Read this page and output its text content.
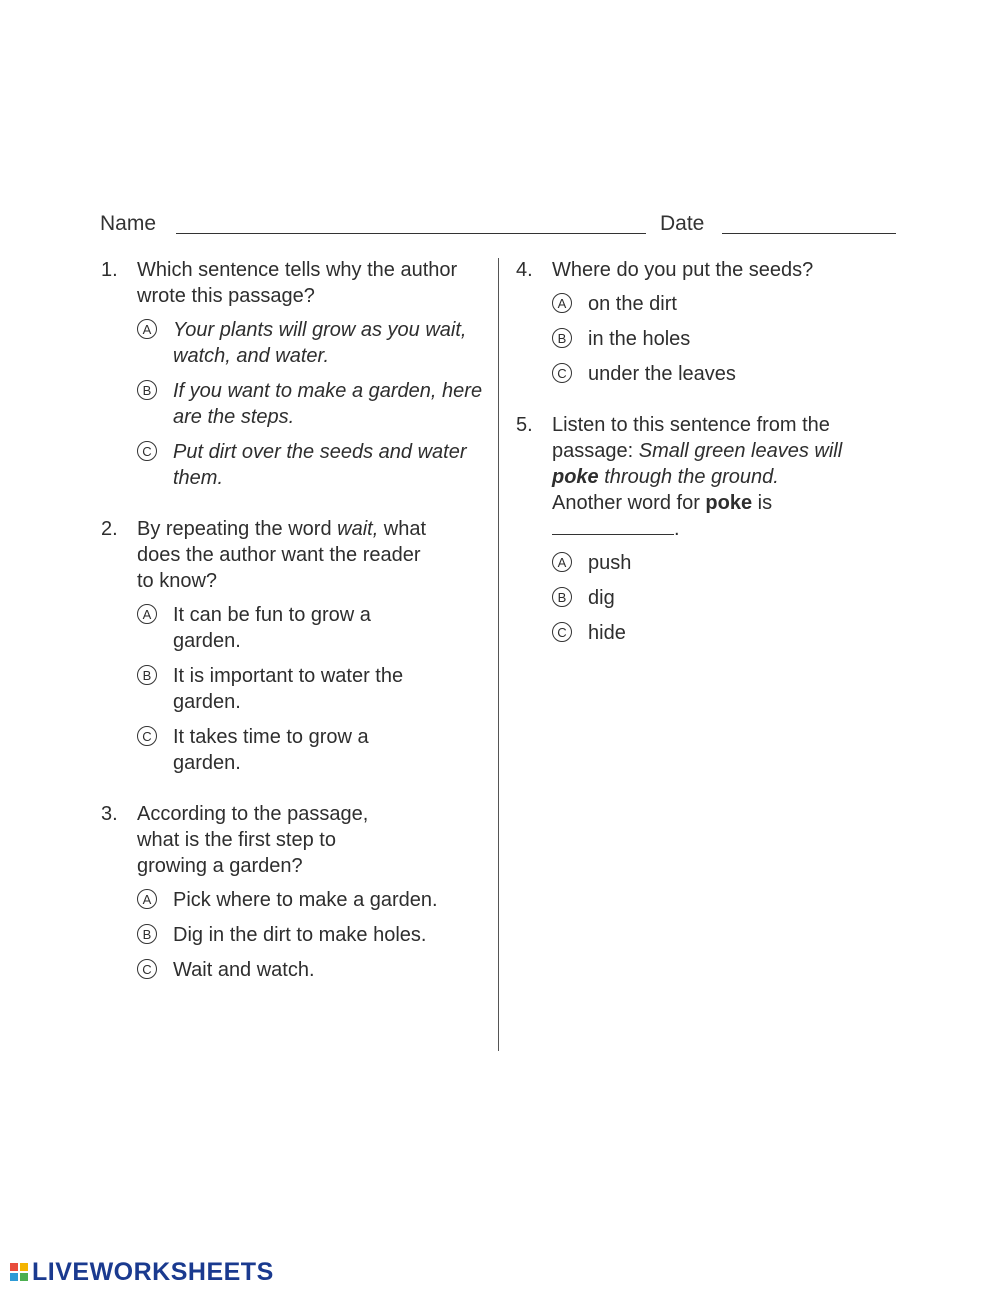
Name	Date
1. Which sentence tells why the author wrote this passage?
A Your plants will grow as you wait, watch, and water.
B If you want to make a garden, here are the steps.
C Put dirt over the seeds and water them.
2. By repeating the word wait, what does the author want the reader to know?
A It can be fun to grow a garden.
B It is important to water the garden.
C It takes time to grow a garden.
3. According to the passage, what is the first step to growing a garden?
A Pick where to make a garden.
B Dig in the dirt to make holes.
C Wait and watch.
4. Where do you put the seeds?
A on the dirt
B in the holes
C under the leaves
5. Listen to this sentence from the passage: Small green leaves will poke through the ground. Another word for poke is .
A push
B dig
C hide
LIVEWORKSHEETS
